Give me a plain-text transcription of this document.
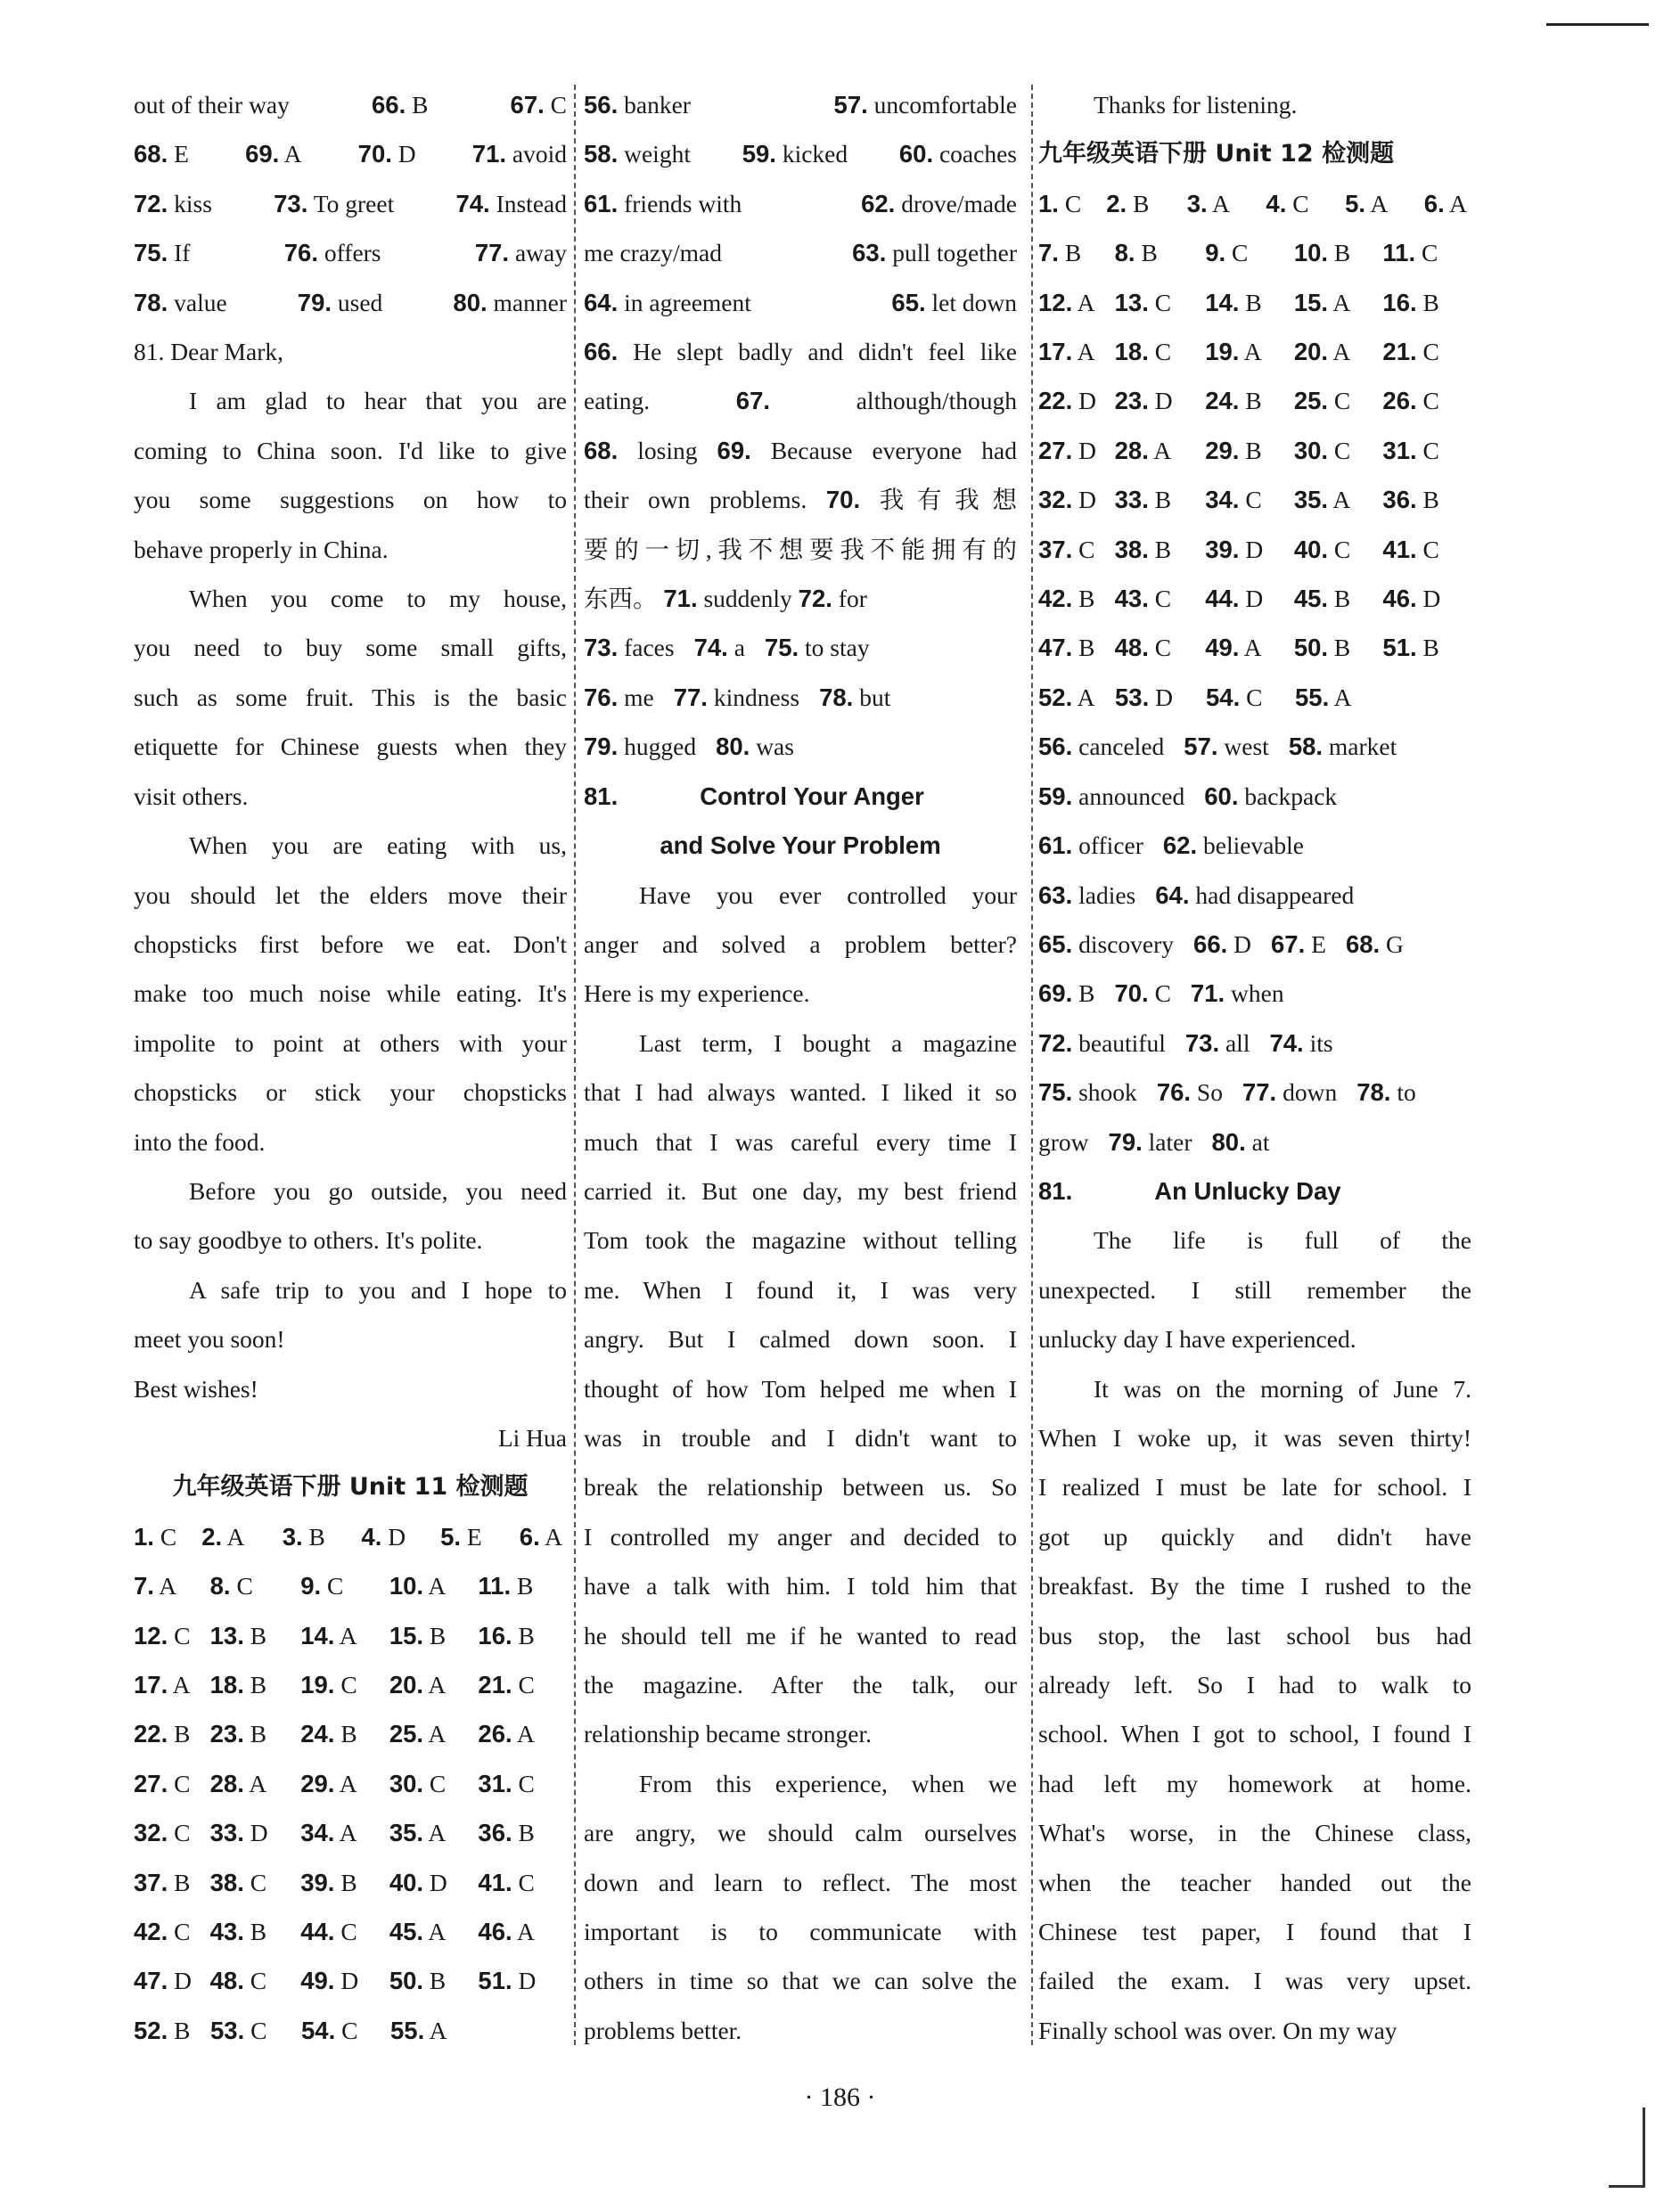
out of their way	66. B	67. C

68. E 69. A 70. D 71. avoid

72. kiss	73. To greet	74. Instead

75. If	76. offers	77. away

78. value	79. used	80. manner

81. Dear Mark,

I am glad to hear that you are

coming to China soon. I'd like to give

you some suggestions on how to

behave properly in China.

When you come to my house,

you need to buy some small gifts,

such as some fruit. This is the basic

etiquette for Chinese guests when they

visit others.

When you are eating with us,

you should let the elders move their

chopsticks first before we eat. Don't

make too much noise while eating. It's

impolite to point at others with your

chopsticks or stick your chopsticks

into the food.

Before you go outside, you need

to say goodbye to others. It's polite.

A safe trip to you and I hope to

meet you soon!

Best wishes!

Li Hua

九年级英语下册 Unit 11 检测题

1. C	2. A	3. B	4. D	5. E	6. A

7. A	8. C	9. C	10. A	11. B

12. C 13. B	14. A	15. B	16. B

17. A 18. B	19. C	20. A	21. C

22. B 23. B	24. B	25. A	26. A

27. C 28. A	29. A	30. C	31. C

32. C 33. D	34. A	35. A	36. B

37. B 38. C	39. B	40. D	41. C

42. C 43. B	44. C	45. A	46. A

47. D 48. C	49. D	50. B	51. D

52. B 53. C	54. C	55. A

56. banker	57. uncomfortable

58. weight 59. kicked 60. coaches

61. friends with	62. drove/made

me crazy/mad	63. pull together

64. in agreement	65. let down

66. He slept badly and didn't feel like

eating. 67. although/though

68. losing 69. Because everyone had

their own problems. 70. 我有我想

要的一切,我不想要我不能拥有的

东西。 71. suddenly 72. for

73. faces 74. a 75. to stay

76. me 77. kindness 78. but

79. hugged 80. was

81.	Control Your Anger

and Solve Your Problem

Have you ever controlled your

anger and solved a problem better?

Here is my experience.

Last term, I bought a magazine

that I had always wanted. I liked it so

much that I was careful every time I

carried it. But one day, my best friend

Tom took the magazine without telling

me. When I found it, I was very

angry. But I calmed down soon. I

thought of how Tom helped me when I

was in trouble and I didn't want to

break the relationship between us. So

I controlled my anger and decided to

have a talk with him. I told him that

he should tell me if he wanted to read

the magazine. After the talk, our

relationship became stronger.

From this experience, when we

are angry, we should calm ourselves

down and learn to reflect. The most

important is to communicate with

others in time so that we can solve the

problems better.

Thanks for listening.

九年级英语下册 Unit 12 检测题

1. C	2. B	3. A	4. C	5. A	6. A

7. B	8. B	9. C	10. B	11. C

12. A 13. C	14. B	15. A	16. B

17. A 18. C	19. A	20. A	21. C

22. D 23. D	24. B	25. C	26. C

27. D 28. A	29. B	30. C	31. C

32. D 33. B	34. C	35. A	36. B

37. C 38. B	39. D	40. C	41. C

42. B 43. C	44. D	45. B	46. D

47. B 48. C	49. A	50. B	51. B

52. A 53. D	54. C	55. A

56. canceled 57. west 58. market

59. announced 60. backpack

61. officer 62. believable

63. ladies 64. had disappeared

65. discovery 66. D 67. E 68. G

69. B 70. C 71. when

72. beautiful 73. all 74. its

75. shook 76. So 77. down 78. to

grow 79. later 80. at

81.	An Unlucky Day

The life is full of the

unexpected. I still remember the

unlucky day I have experienced.

It was on the morning of June 7.

When I woke up, it was seven thirty!

I realized I must be late for school. I

got up quickly and didn't have

breakfast. By the time I rushed to the

bus stop, the last school bus had

already left. So I had to walk to

school. When I got to school, I found I

had left my homework at home.

What's worse, in the Chinese class,

when the teacher handed out the

Chinese test paper, I found that I

failed the exam. I was very upset.

Finally school was over. On my way

· 186 ·
